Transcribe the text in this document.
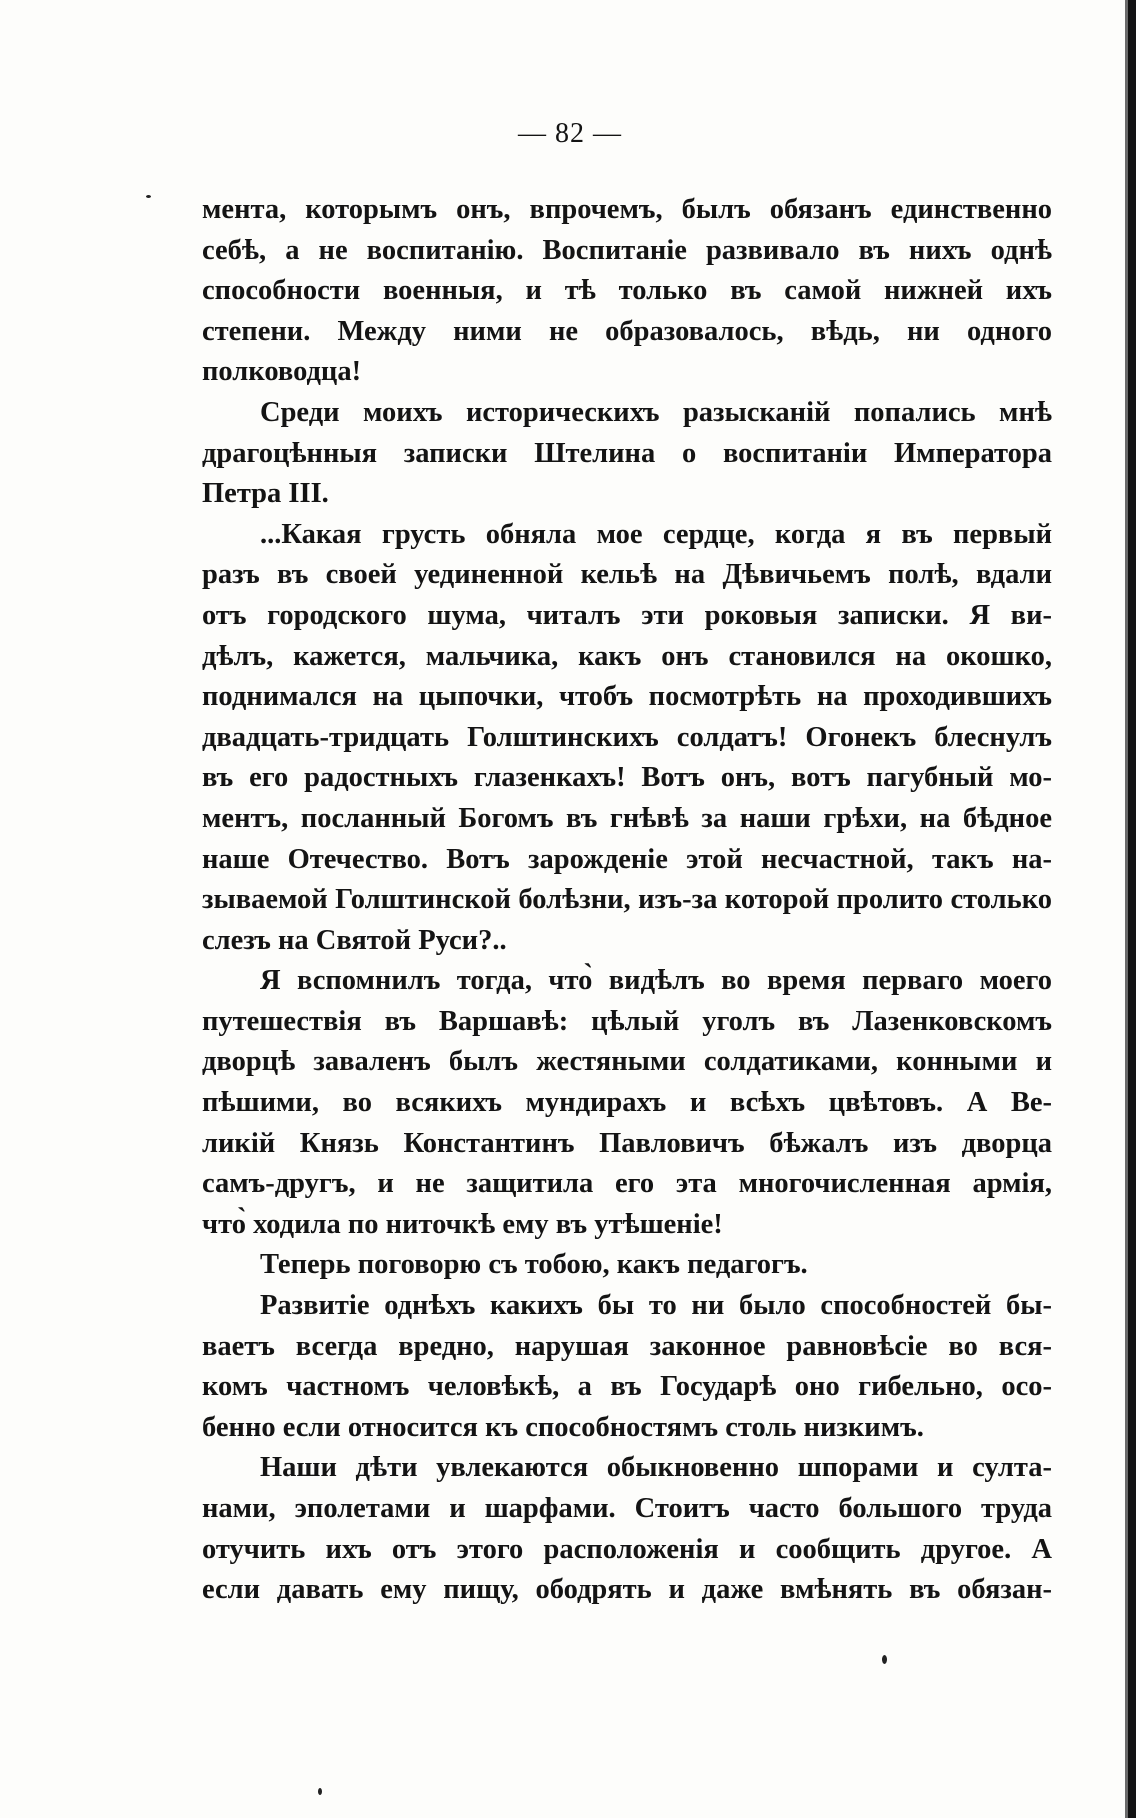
— 82 —
мента, которымъ онъ, впрочемъ, былъ обязанъ единственно
себѣ, а не воспитанію. Воспитаніе развивало въ нихъ однѣ
способности военныя, и тѣ только въ самой нижней ихъ
степени. Между ними не образовалось, вѣдь, ни одного
полководца!
Среди моихъ историческихъ разысканій попались мнѣ
драгоцѣнныя записки Штелина о воспитаніи Императора
Петра III.
...Какая грусть обняла мое сердце, когда я въ первый
разъ въ своей уединенной кельѣ на Дѣвичьемъ полѣ, вдали
отъ городского шума, читалъ эти роковыя записки. Я ви-
дѣлъ, кажется, мальчика, какъ онъ становился на окошко,
поднимался на цыпочки, чтобъ посмотрѣть на проходившихъ
двадцать-тридцать Голштинскихъ солдатъ! Огонекъ блеснулъ
въ его радостныхъ глазенкахъ! Вотъ онъ, вотъ пагубный мо-
ментъ, посланный Богомъ въ гнѣвѣ за наши грѣхи, на бѣдное
наше Отечество. Вотъ зарожденіе этой несчастной, такъ на-
зываемой Голштинской болѣзни, изъ-за которой пролито столько
слезъ на Святой Руси?..
Я вспомнилъ тогда, что̀ видѣлъ во время перваго моего
путешествія въ Варшавѣ: цѣлый уголъ въ Лазенковскомъ
дворцѣ заваленъ былъ жестяными солдатиками, конными и
пѣшими, во всякихъ мундирахъ и всѣхъ цвѣтовъ. А Ве-
ликій Князь Константинъ Павловичъ бѣжалъ изъ дворца
самъ-другъ, и не защитила его эта многочисленная армія,
что̀ ходила по ниточкѣ ему въ утѣшеніе!
Теперь поговорю съ тобою, какъ педагогъ.
Развитіе однѣхъ какихъ бы то ни было способностей бы-
ваетъ всегда вредно, нарушая законное равновѣсіе во вся-
комъ частномъ человѣкѣ, а въ Государѣ оно гибельно, осо-
бенно если относится къ способностямъ столь низкимъ.
Наши дѣти увлекаются обыкновенно шпорами и султа-
нами, эполетами и шарфами. Стоитъ часто большого труда
отучить ихъ отъ этого расположенія и сообщить другое. А
если давать ему пищу, ободрять и даже вмѣнять въ обязан-
